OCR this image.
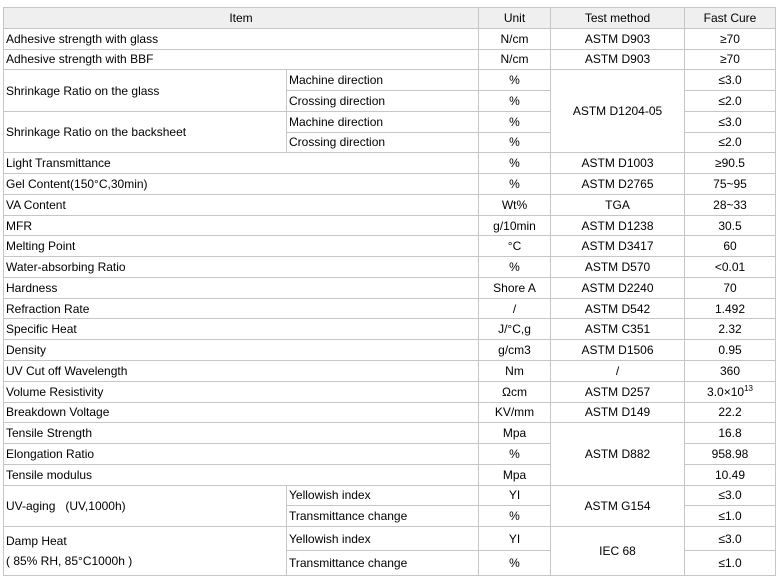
Item		Unit	Test method	Fast Cure
Adhesive strength with glass		N/cm	ASTM D903	≥70
Adhesive strength with BBF		N/cm	ASTM D903	≥70
Shrinkage Ratio on the glass	Machine direction	%	ASTM D1204-05	≤3.0
	Crossing direction	%		≤2.0
Shrinkage Ratio on the backsheet	Machine direction	%		≤3.0
	Crossing direction	%		≤2.0
Light Transmittance		%	ASTM D1003	≥90.5
Gel Content(150°C,30min)		%	ASTM D2765	75~95
VA Content		Wt%	TGA	28~33
MFR		g/10min	ASTM D1238	30.5
Melting Point		°C	ASTM D3417	60
Water-absorbing Ratio		%	ASTM D570	<0.01
Hardness		Shore A	ASTM D2240	70
Refraction Rate		/	ASTM D542	1.492
Specific Heat		J/°C,g	ASTM C351	2.32
Density		g/cm3	ASTM D1506	0.95
UV Cut off Wavelength		Nm	/	360
Volume Resistivity		Ωcm	ASTM D257	$3.0\times 10^{13}$
Breakdown Voltage		KV/mm	ASTM D149	22.2
Tensile Strength		Mpa	ASTM D882	16.8
Elongation Ratio		%		958.98
Tensile modulus		Mpa		10.49
UV-aging   (UV,1000h)	Yellowish index	YI	ASTM G154	≤3.0
	Transmittance change	%		≤1.0

Damp Heat
( 85% RH, 85°C1000h )	Yellowish index	YI	IEC 68	≤3.0
	Transmittance change	%		≤1.0
